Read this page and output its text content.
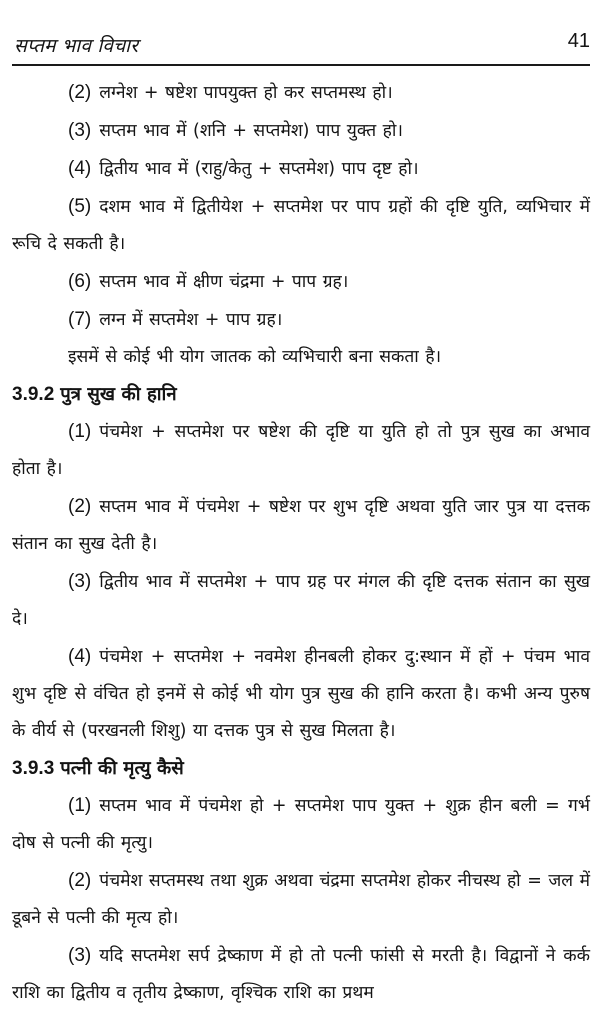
सप्तम भाव विचार	41

(2) लग्नेश + षष्टेश पापयुक्त हो कर सप्तमस्थ हो।

(3) सप्तम भाव में (शनि + सप्तमेश) पाप युक्त हो।

(4) द्वितीय भाव में (राहु/केतु + सप्तमेश) पाप दृष्ट हो।

(5) दशम भाव में द्वितीयेश + सप्तमेश पर पाप ग्रहों की दृष्टि युति, व्यभिचार में रूचि दे सकती है।

(6) सप्तम भाव में क्षीण चंद्रमा + पाप ग्रह।

(7) लग्न में सप्तमेश + पाप ग्रह।

इसमें से कोई भी योग जातक को व्यभिचारी बना सकता है।

3.9.2 पुत्र सुख की हानि

(1) पंचमेश + सप्तमेश पर षष्टेश की दृष्टि या युति हो तो पुत्र सुख का अभाव होता है।

(2) सप्तम भाव में पंचमेश + षष्टेश पर शुभ दृष्टि अथवा युति जार पुत्र या दत्तक संतान का सुख देती है।

(3) द्वितीय भाव में सप्तमेश + पाप ग्रह पर मंगल की दृष्टि दत्तक संतान का सुख दे।

(4) पंचमेश + सप्तमेश + नवमेश हीनबली होकर दु:स्थान में हों + पंचम भाव शुभ दृष्टि से वंचित हो इनमें से कोई भी योग पुत्र सुख की हानि करता है। कभी अन्य पुरुष के वीर्य से (परखनली शिशु) या दत्तक पुत्र से सुख मिलता है।

3.9.3 पत्नी की मृत्यु कैसे

(1) सप्तम भाव में पंचमेश हो + सप्तमेश पाप युक्त + शुक्र हीन बली = गर्भ दोष से पत्नी की मृत्यु।

(2) पंचमेश सप्तमस्थ तथा शुक्र अथवा चंद्रमा सप्तमेश होकर नीचस्थ हो = जल में डूबने से पत्नी की मृत्य हो।

(3) यदि सप्तमेश सर्प द्रेष्काण में हो तो पत्नी फांसी से मरती है। विद्वानों ने कर्क राशि का द्वितीय व तृतीय द्रेष्काण, वृश्चिक राशि का प्रथम
